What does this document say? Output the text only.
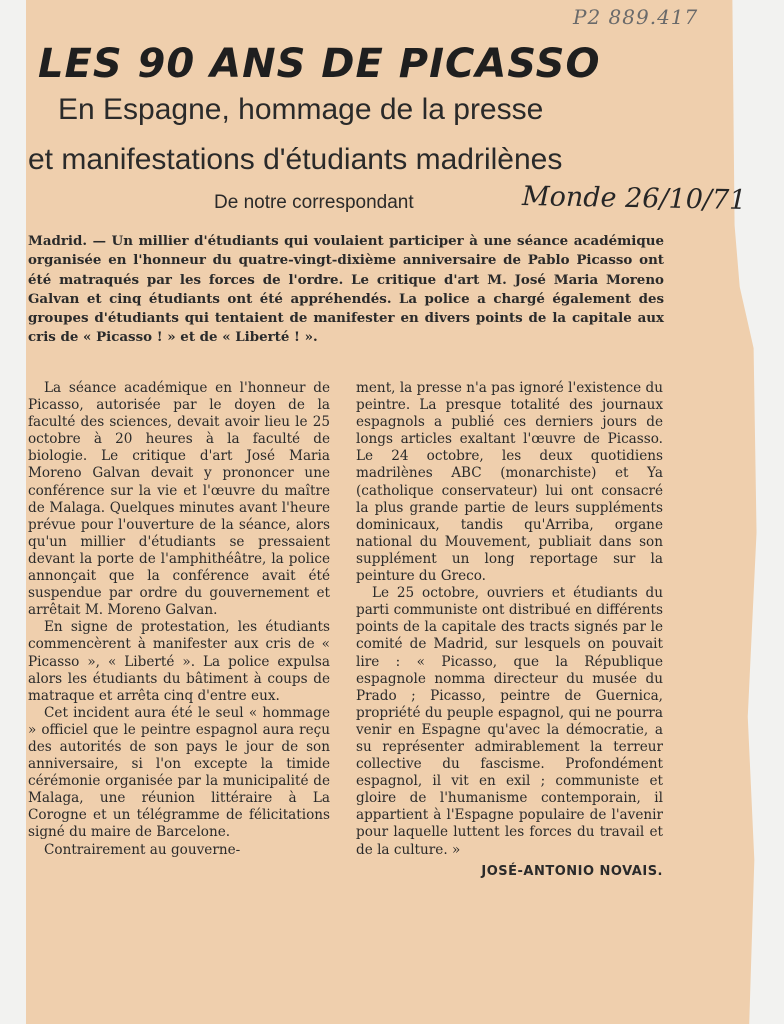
P2 889.417
LES 90 ANS DE PICASSO
En Espagne, hommage de la presse
et manifestations d'étudiants madrilènes
De notre correspondant	Monde 26/10/71

Madrid. — Un millier d'étudiants qui voulaient participer à une séance académique organisée en l'honneur du quatre-vingt-dixième anniversaire de Pablo Picasso ont été matraqués par les forces de l'ordre. Le critique d'art M. José Maria Moreno Galvan et cinq étudiants ont été appréhendés. La police a chargé également des groupes d'étudiants qui tentaient de manifester en divers points de la capitale aux cris de « Picasso ! » et de « Liberté ! ».

La séance académique en l'honneur de Picasso, autorisée par le doyen de la faculté des sciences, devait avoir lieu le 25 octobre à 20 heures à la faculté de biologie. Le critique d'art José Maria Moreno Galvan devait y prononcer une conférence sur la vie et l'œuvre du maître de Malaga. Quelques minutes avant l'heure prévue pour l'ouverture de la séance, alors qu'un millier d'étudiants se pressaient devant la porte de l'amphithéâtre, la police annonçait que la conférence avait été suspendue par ordre du gouvernement et arrêtait M. Moreno Galvan.

En signe de protestation, les étudiants commencèrent à manifester aux cris de « Picasso », « Liberté ». La police expulsa alors les étudiants du bâtiment à coups de matraque et arrêta cinq d'entre eux.

Cet incident aura été le seul « hommage » officiel que le peintre espagnol aura reçu des autorités de son pays le jour de son anniversaire, si l'on excepte la timide cérémonie organisée par la municipalité de Malaga, une réunion littéraire à La Corogne et un télégramme de félicitations signé du maire de Barcelone.

Contrairement au gouverne-

ment, la presse n'a pas ignoré l'existence du peintre. La presque totalité des journaux espagnols a publié ces derniers jours de longs articles exaltant l'œuvre de Picasso. Le 24 octobre, les deux quotidiens madrilènes ABC (monarchiste) et Ya (catholique conservateur) lui ont consacré la plus grande partie de leurs suppléments dominicaux, tandis qu'Arriba, organe national du Mouvement, publiait dans son supplément un long reportage sur la peinture du Greco.

Le 25 octobre, ouvriers et étudiants du parti communiste ont distribué en différents points de la capitale des tracts signés par le comité de Madrid, sur lesquels on pouvait lire : « Picasso, que la République espagnole nomma directeur du musée du Prado ; Picasso, peintre de Guernica, propriété du peuple espagnol, qui ne pourra venir en Espagne qu'avec la démocratie, a su représenter admirablement la terreur collective du fascisme. Profondément espagnol, il vit en exil ; communiste et gloire de l'humanisme contemporain, il appartient à l'Espagne populaire de l'avenir pour laquelle luttent les forces du travail et de la culture. »

JOSÉ-ANTONIO NOVAIS.
